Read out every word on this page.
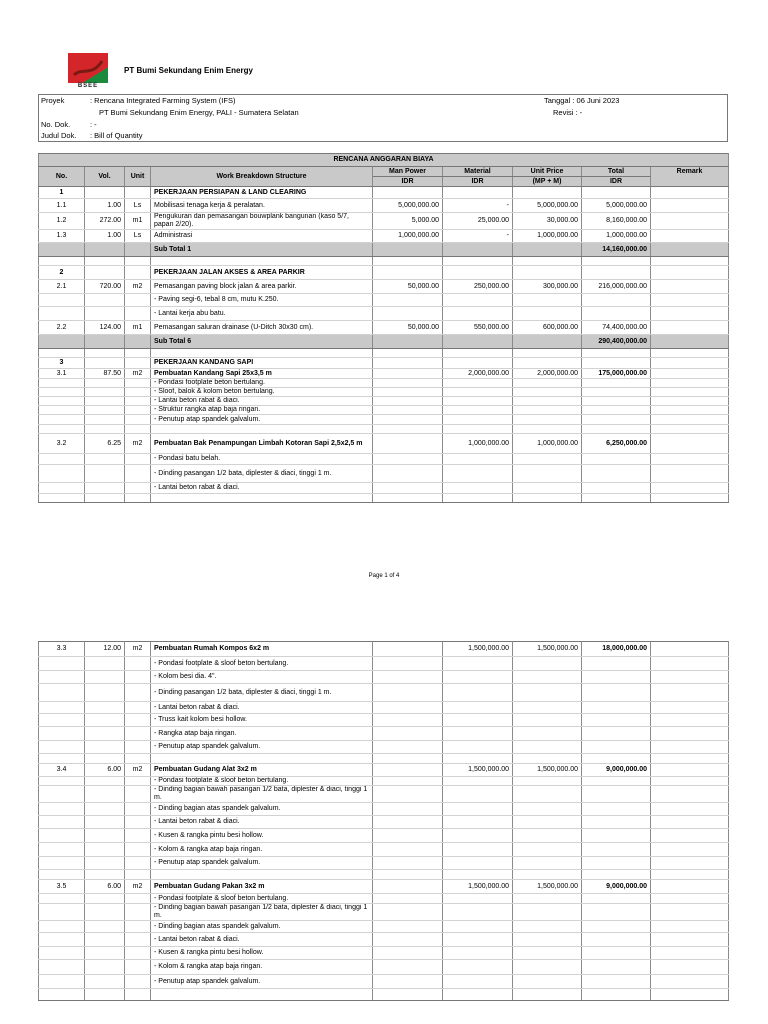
BSEE
PT Bumi Sekundang Enim Energy
Proyek	: Rencana Integrated Farming System (IFS)
PT Bumi Sekundang Enim Energy, PALI - Sumatera Selatan
No. Dok.	: -
Judul Dok. : Bill of Quantity
Tanggal : 06 Juni 2023
Revisi : -
RENCANA ANGGARAN BIAYA								
No.	Vol.	Unit	Work Breakdown Structure	Man Power	Material	Unit Price	Total	Remark
				IDR	IDR	(MP + M)	IDR	
1			PEKERJAAN PERSIAPAN & LAND CLEARING					
1.1	1.00	Ls	Mobilisasi tenaga kerja & peralatan.	5,000,000.00	-	5,000,000.00	5,000,000.00	
1.2	272.00	m1	Pengukuran dan pemasangan bouwplank bangunan (kaso 5/7, papan 2/20).	5,000.00	25,000.00	30,000.00	8,160,000.00	
1.3	1.00	Ls	Administrasi	1,000,000.00	-	1,000,000.00	1,000,000.00	
			Sub Total 1				14,160,000.00	

2			PEKERJAAN JALAN AKSES & AREA PARKIR					
2.1	720.00	m2	Pemasangan paving block jalan & area parkir.	50,000.00	250,000.00	300,000.00	216,000,000.00	
			- Paving segi-6, tebal 8 cm, mutu K.250.					
			- Lantai kerja abu batu.					
2.2	124.00	m1	Pemasangan saluran drainase (U-Ditch 30x30 cm).	50,000.00	550,000.00	600,000.00	74,400,000.00	
			Sub Total 6				290,400,000.00	

3			PEKERJAAN KANDANG SAPI					
3.1	87.50	m2	Pembuatan Kandang Sapi 25x3,5 m		2,000,000.00	2,000,000.00	175,000,000.00	
			- Pondasi footplate beton bertulang.					
			- Sloof, balok & kolom beton bertulang.					
			- Lantai beton rabat & diaci.					
			- Struktur rangka atap baja ringan.					
			- Penutup atap spandek galvalum.					

3.2	6.25	m2	Pembuatan Bak Penampungan Limbah Kotoran Sapi 2,5x2,5 m		1,000,000.00	1,000,000.00	6,250,000.00	
			- Pondasi batu belah.					
			- Dinding pasangan 1/2 bata, diplester & diaci, tinggi 1 m.					
			- Lantai beton rabat & diaci.					

Page 1 of 4
3.3	12.00	m2	Pembuatan Rumah Kompos 6x2 m		1,500,000.00	1,500,000.00	18,000,000.00	
			- Pondasi footplate & sloof beton bertulang.					
			- Kolom besi dia. 4".					
			- Dinding pasangan 1/2 bata, diplester & diaci, tinggi 1 m.					
			- Lantai beton rabat & diaci.					
			- Truss kait kolom besi hollow.					
			- Rangka atap baja ringan.					
			- Penutup atap spandek galvalum.					

3.4	6.00	m2	Pembuatan Gudang Alat 3x2 m		1,500,000.00	1,500,000.00	9,000,000.00	
			- Pondasi footplate & sloof beton bertulang.					
			- Dinding bagian bawah pasangan 1/2 bata, diplester & diaci, tinggi 1 m.					
			- Dinding bagian atas spandek galvalum.					
			- Lantai beton rabat & diaci.					
			- Kusen & rangka pintu besi hollow.					
			- Kolom & rangka atap baja ringan.					
			- Penutup atap spandek galvalum.					

3.5	6.00	m2	Pembuatan Gudang Pakan 3x2 m		1,500,000.00	1,500,000.00	9,000,000.00	
			- Pondasi footplate & sloof beton bertulang.					
			- Dinding bagian bawah pasangan 1/2 bata, diplester & diaci, tinggi 1 m.					
			- Dinding bagian atas spandek galvalum.					
			- Lantai beton rabat & diaci.					
			- Kusen & rangka pintu besi hollow.					
			- Kolom & rangka atap baja ringan.					
			- Penutup atap spandek galvalum.					
